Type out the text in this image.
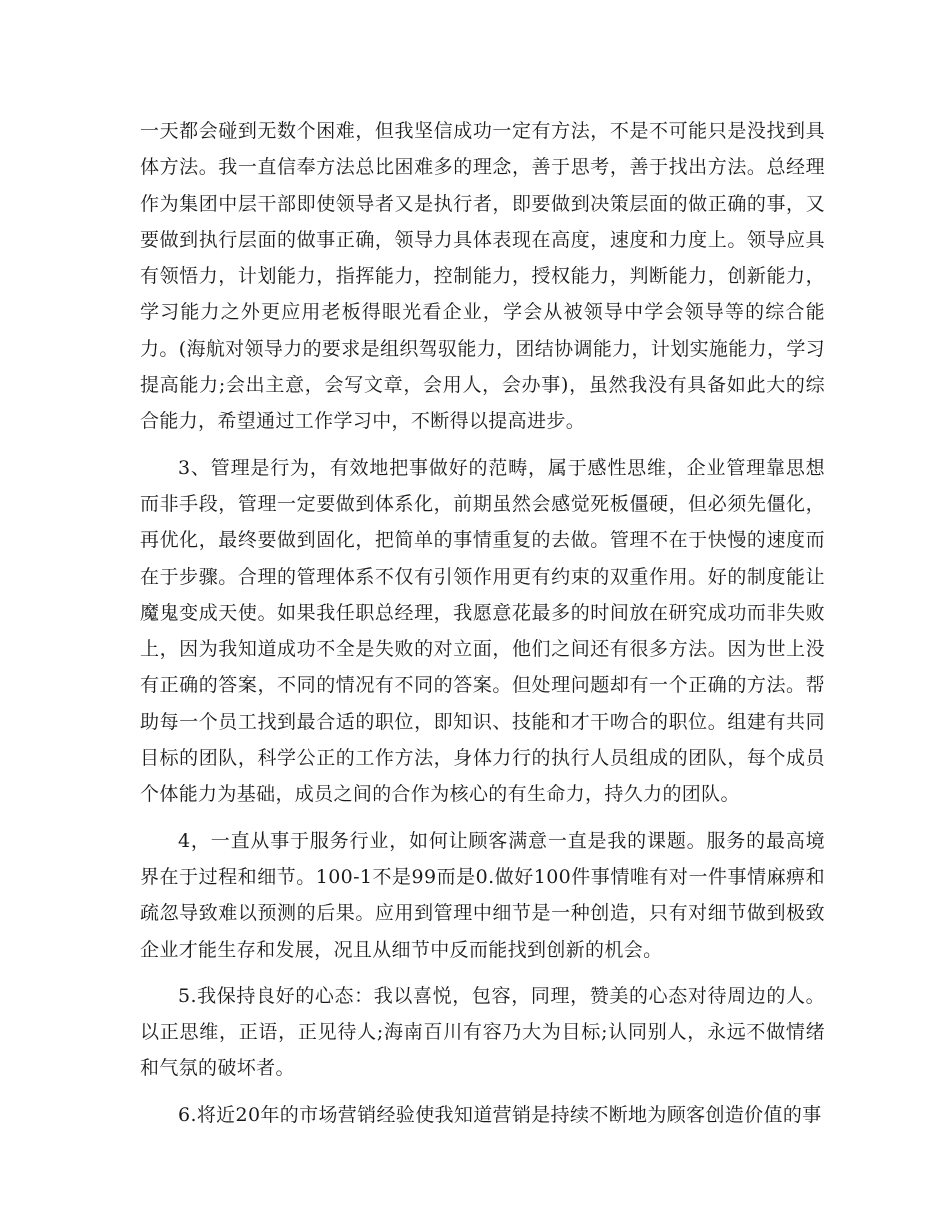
一天都会碰到无数个困难，但我坚信成功一定有方法，不是不可能只是没找到具体方法。我一直信奉方法总比困难多的理念，善于思考，善于找出方法。总经理作为集团中层干部即使领导者又是执行者，即要做到决策层面的做正确的事，又要做到执行层面的做事正确，领导力具体表现在高度，速度和力度上。领导应具有领悟力，计划能力，指挥能力，控制能力，授权能力，判断能力，创新能力，学习能力之外更应用老板得眼光看企业，学会从被领导中学会领导等的综合能力。(海航对领导力的要求是组织驾驭能力，团结协调能力，计划实施能力，学习提高能力;会出主意，会写文章，会用人，会办事)，虽然我没有具备如此大的综合能力，希望通过工作学习中，不断得以提高进步。

3、管理是行为，有效地把事做好的范畴，属于感性思维，企业管理靠思想而非手段，管理一定要做到体系化，前期虽然会感觉死板僵硬，但必须先僵化，再优化，最终要做到固化，把简单的事情重复的去做。管理不在于快慢的速度而在于步骤。合理的管理体系不仅有引领作用更有约束的双重作用。好的制度能让魔鬼变成天使。如果我任职总经理，我愿意花最多的时间放在研究成功而非失败上，因为我知道成功不全是失败的对立面，他们之间还有很多方法。因为世上没有正确的答案，不同的情况有不同的答案。但处理问题却有一个正确的方法。帮助每一个员工找到最合适的职位，即知识、技能和才干吻合的职位。组建有共同目标的团队，科学公正的工作方法，身体力行的执行人员组成的团队，每个成员个体能力为基础，成员之间的合作为核心的有生命力，持久力的团队。

4，一直从事于服务行业，如何让顾客满意一直是我的课题。服务的最高境界在于过程和细节。100-1不是99而是0.做好100件事情唯有对一件事情麻痹和疏忽导致难以预测的后果。应用到管理中细节是一种创造，只有对细节做到极致企业才能生存和发展，况且从细节中反而能找到创新的机会。

5.我保持良好的心态：我以喜悦，包容，同理，赞美的心态对待周边的人。以正思维，正语，正见待人;海南百川有容乃大为目标;认同别人，永远不做情绪和气氛的破坏者。

6.将近20年的市场营销经验使我知道营销是持续不断地为顾客创造价值的事
